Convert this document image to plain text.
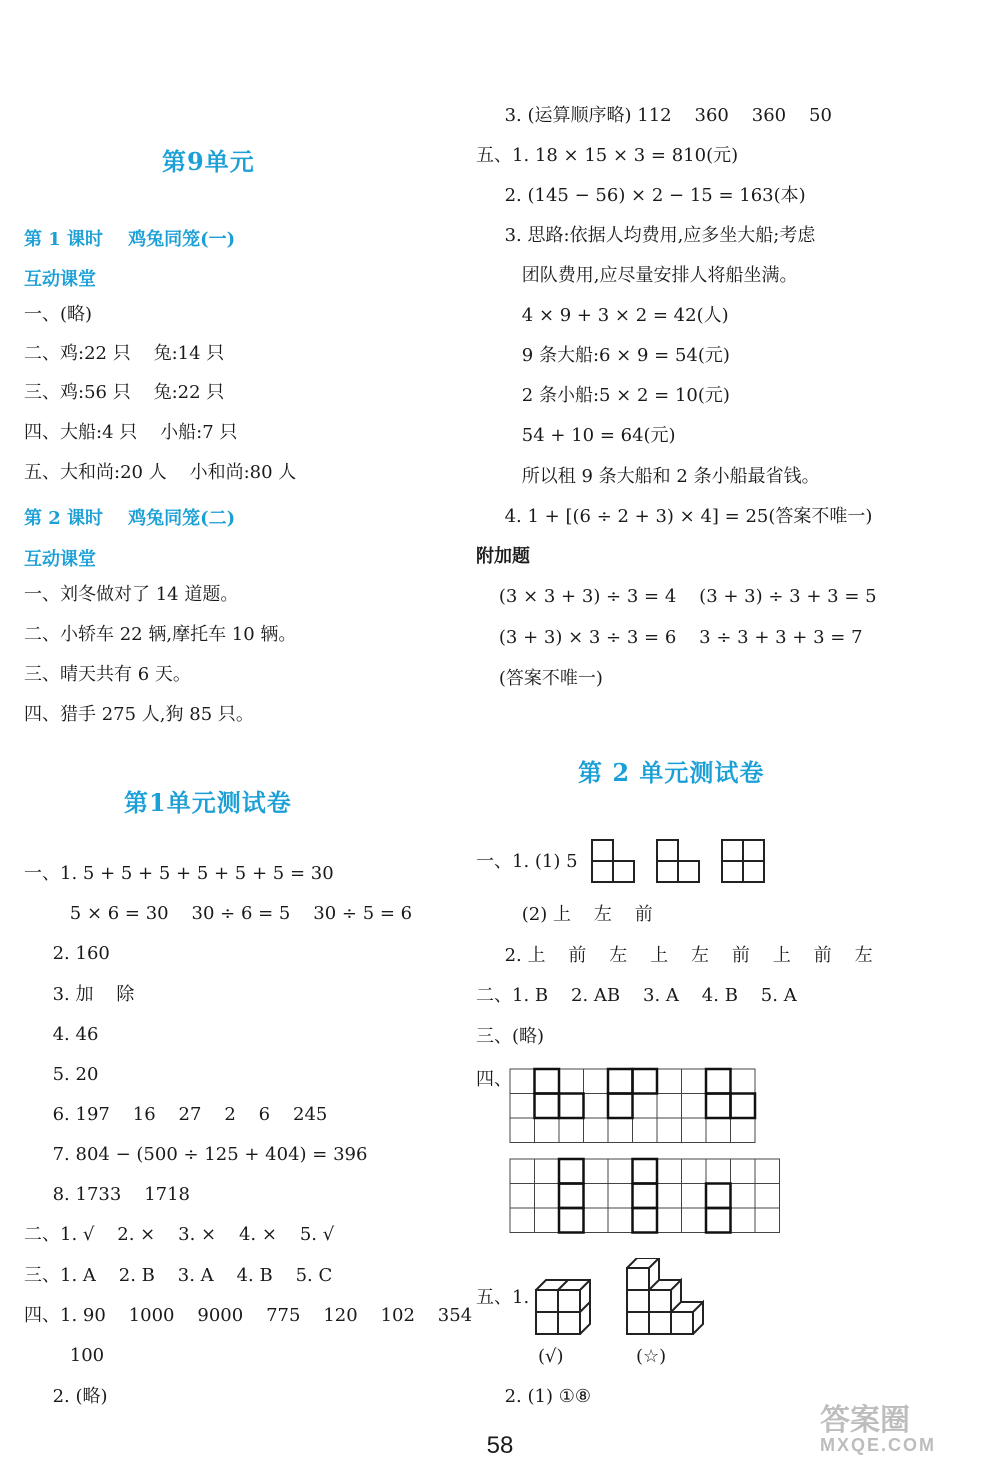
第9单元
第 1 课时    鸡兔同笼(一)
互动课堂
一、(略)
二、鸡:22 只    兔:14 只
三、鸡:56 只    兔:22 只
四、大船:4 只    小船:7 只
五、大和尚:20 人    小和尚:80 人
第 2 课时    鸡兔同笼(二)
互动课堂
一、刘冬做对了 14 道题。
二、小轿车 22 辆,摩托车 10 辆。
三、晴天共有 6 天。
四、猎手 275 人,狗 85 只。
第1单元测试卷
一、1. 5 + 5 + 5 + 5 + 5 + 5 = 30
5 × 6 = 30    30 ÷ 6 = 5    30 ÷ 5 = 6
2. 160
3. 加    除
4. 46
5. 20
6. 197    16    27    2    6    245
7. 804 − (500 ÷ 125 + 404) = 396
8. 1733    1718
二、1. √    2. ×    3. ×    4. ×    5. √
三、1. A    2. B    3. A    4. B    5. C
四、1. 90    1000    9000    775    120    102    354
100
2. (略)
3. (运算顺序略) 112    360    360    50
五、1. 18 × 15 × 3 = 810(元)
2. (145 − 56) × 2 − 15 = 163(本)
3. 思路:依据人均费用,应多坐大船;考虑
团队费用,应尽量安排人将船坐满。
4 × 9 + 3 × 2 = 42(人)
9 条大船:6 × 9 = 54(元)
2 条小船:5 × 2 = 10(元)
54 + 10 = 64(元)
所以租 9 条大船和 2 条小船最省钱。
4. 1 + [(6 ÷ 2 + 3) × 4] = 25(答案不唯一)
附加题
(3 × 3 + 3) ÷ 3 = 4    (3 + 3) ÷ 3 + 3 = 5
(3 + 3) × 3 ÷ 3 = 6    3 ÷ 3 + 3 + 3 = 7
(答案不唯一)
第 2 单元测试卷
一、1. (1) 5
(2) 上    左    前
2. 上    前    左    上    左    前    上    前    左
二、1. B    2. AB    3. A    4. B    5. A
三、(略)
四、
五、1.
(√)	(☆)
2. (1) ①⑧
58
答案圈
MXQE.COM
